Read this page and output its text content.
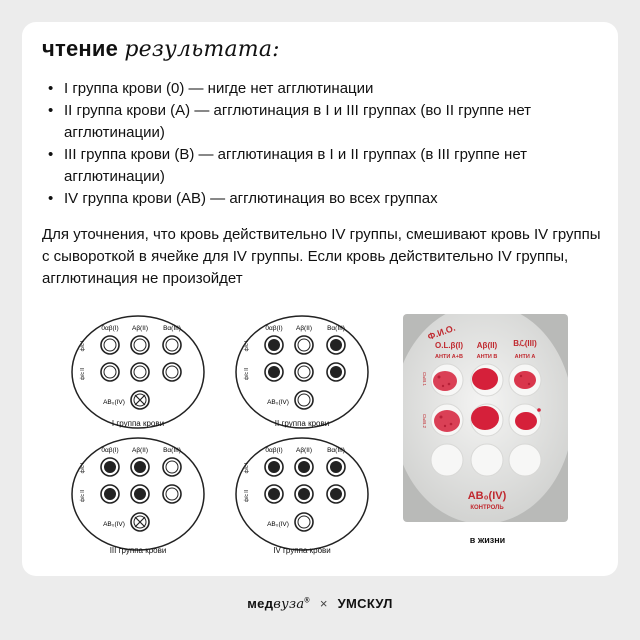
чтение результата:
• I группа крови (0) — нигде нет агглютинации
• II группа крови (A) — агглютинация в I и III группах (во II группе нет агглютинации)
• III группа крови (B) — агглютинация в I и II группах (в III группе нет агглютинации)
• IV группа крови (AB) — агглютинация во всех группах
Для уточнения, что кровь действительно IV группы, смешивают кровь IV группы с сывороткой в ячейке для IV группы. Если кровь действительно IV группы, агглютинация не произойдет
0αβ(I) Aβ(II) Bα(III)
ф/с I
ф/с II
AB₀(IV)
I группа крови
0αβ(I) Aβ(II) Bα(III)
ф/с I
ф/с II
AB₀(IV)
II группа крови
0αβ(I) Aβ(II) Bα(III)
ф/с I
ф/с II
AB₀(IV)
III группа крови
0αβ(I) Aβ(II) Bα(III)
ф/с I
ф/с II
AB₀(IV)
IV группа крови
Ф.И.О.
O.L.β(I) Aβ(II) Bℒ(III)
АНТИ А+В АНТИ В	АНТИ А
СЫВ.1
СЫВ.2
AB₀(IV)
КОНТРОЛЬ
в жизни
медвуза® × УМСКУЛ
